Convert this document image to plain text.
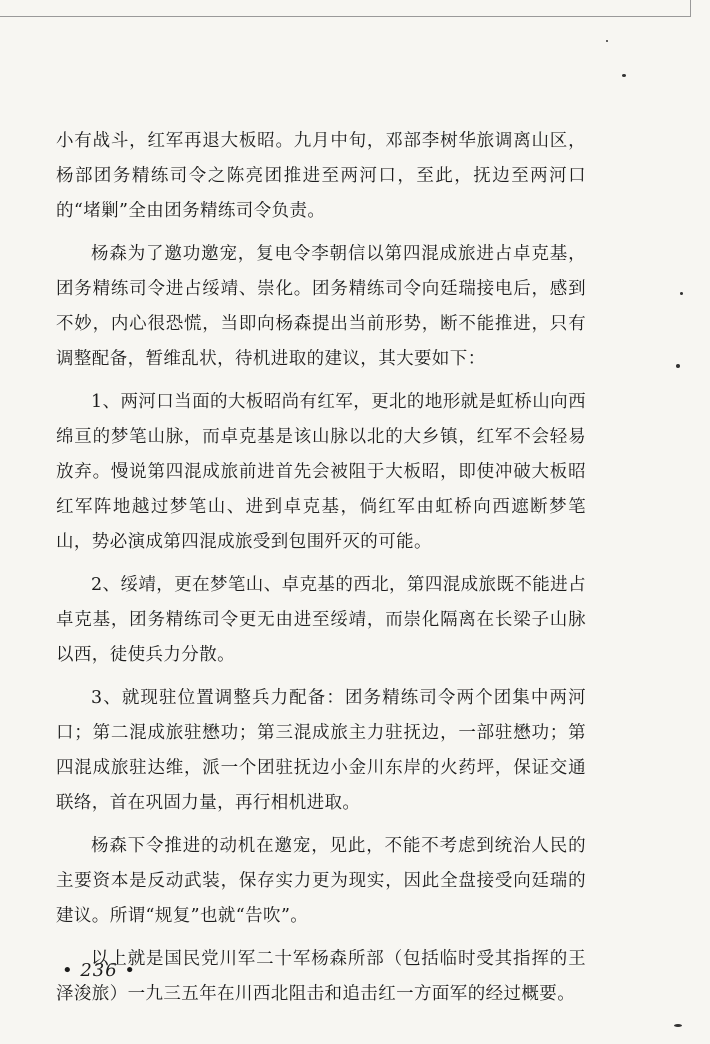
小有战斗，红军再退大板昭。九月中旬，邓部李树华旅调离山区，杨部团务精练司令之陈亮团推进至两河口，至此，抚边至两河口的“堵剿”全由团务精练司令负责。

杨森为了邀功邀宠，复电令李朝信以第四混成旅进占卓克基，团务精练司令进占绥靖、崇化。团务精练司令向廷瑞接电后，感到不妙，内心很恐慌，当即向杨森提出当前形势，断不能推进，只有调整配备，暂维乱状，待机进取的建议，其大要如下：

1、两河口当面的大板昭尚有红军，更北的地形就是虹桥山向西绵亘的梦笔山脉，而卓克基是该山脉以北的大乡镇，红军不会轻易放弃。慢说第四混成旅前进首先会被阻于大板昭，即使冲破大板昭红军阵地越过梦笔山、进到卓克基，倘红军由虹桥向西遮断梦笔山，势必演成第四混成旅受到包围歼灭的可能。

2、绥靖，更在梦笔山、卓克基的西北，第四混成旅既不能进占卓克基，团务精练司令更无由进至绥靖，而崇化隔离在长梁子山脉以西，徒使兵力分散。

3、就现驻位置调整兵力配备：团务精练司令两个团集中两河口；第二混成旅驻懋功；第三混成旅主力驻抚边，一部驻懋功；第四混成旅驻达维，派一个团驻抚边小金川东岸的火药坪，保证交通联络，首在巩固力量，再行相机进取。

杨森下令推进的动机在邀宠，见此，不能不考虑到统治人民的主要资本是反动武装，保存实力更为现实，因此全盘接受向廷瑞的建议。所谓“规复”也就“告吹”。

以上就是国民党川军二十军杨森所部（包括临时受其指挥的王泽浚旅）一九三五年在川西北阻击和追击红一方面军的经过概要。

• 236 •
